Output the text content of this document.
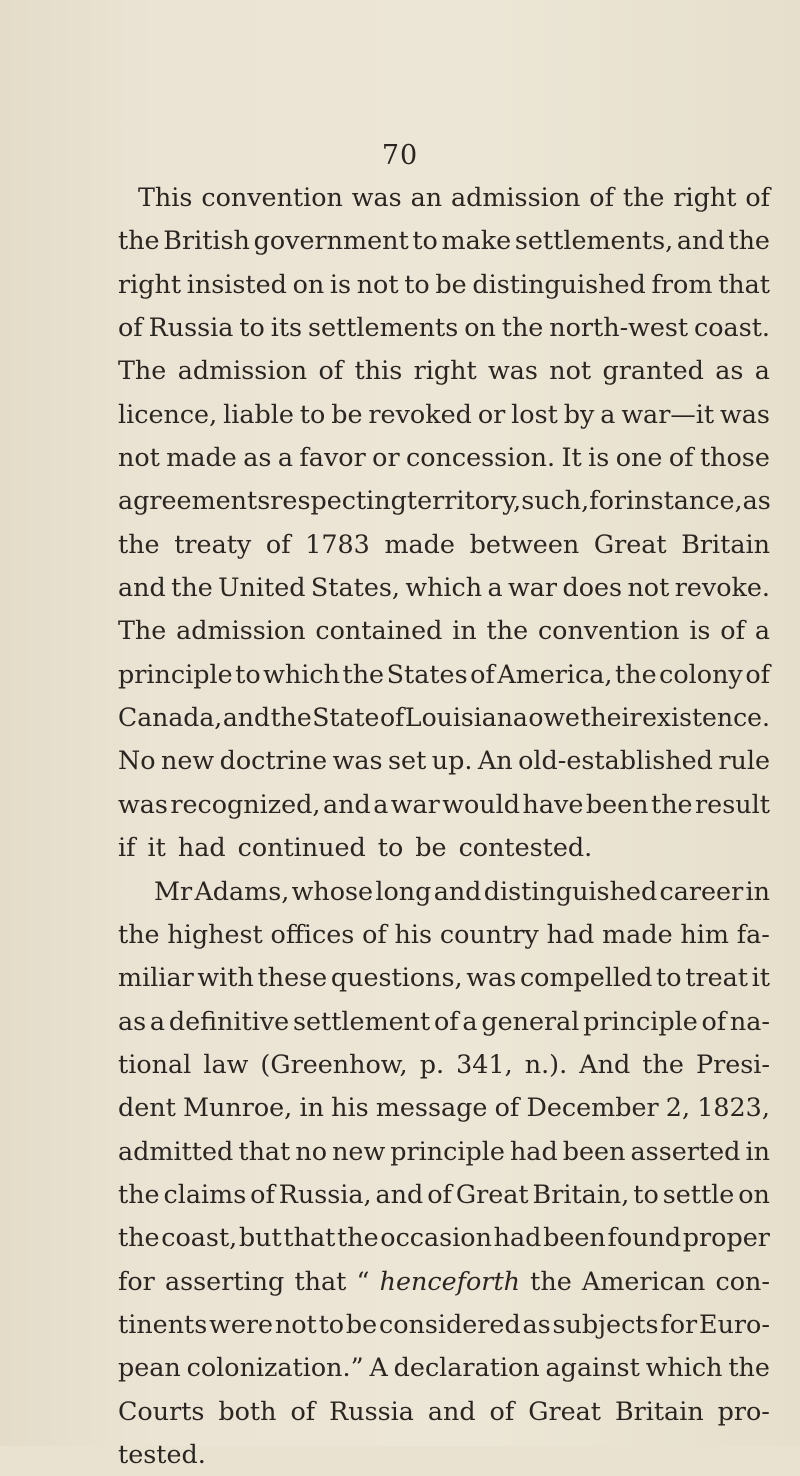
70
This convention was an admission of the right of
the British government to make settlements, and the
right insisted on is not to be distinguished from that
of Russia to its settlements on the north-west coast.
The admission of this right was not granted as a
licence, liable to be revoked or lost by a war—it was
not made as a favor or concession. It is one of those
agreements respecting territory, such, for instance, as
the treaty of 1783 made between Great Britain
and the United States, which a war does not revoke.
The admission contained in the convention is of a
principle to which the States of America, the colony of
Canada, and the State of Louisiana owe their existence.
No new doctrine was set up. An old-established rule
was recognized, and a war would have been the result
if it had continued to be contested.
Mr Adams, whose long and distinguished career in
the highest offices of his country had made him fa-
miliar with these questions, was compelled to treat it
as a definitive settlement of a general principle of na-
tional law (Greenhow, p. 341, n.). And the Presi-
dent Munroe, in his message of December 2, 1823,
admitted that no new principle had been asserted in
the claims of Russia, and of Great Britain, to settle on
the coast, but that the occasion had been found proper
for asserting that “ henceforth the American con-
tinents were not to be considered as subjects for Euro-
pean colonization.” A declaration against which the
Courts both of Russia and of Great Britain pro-
tested.
